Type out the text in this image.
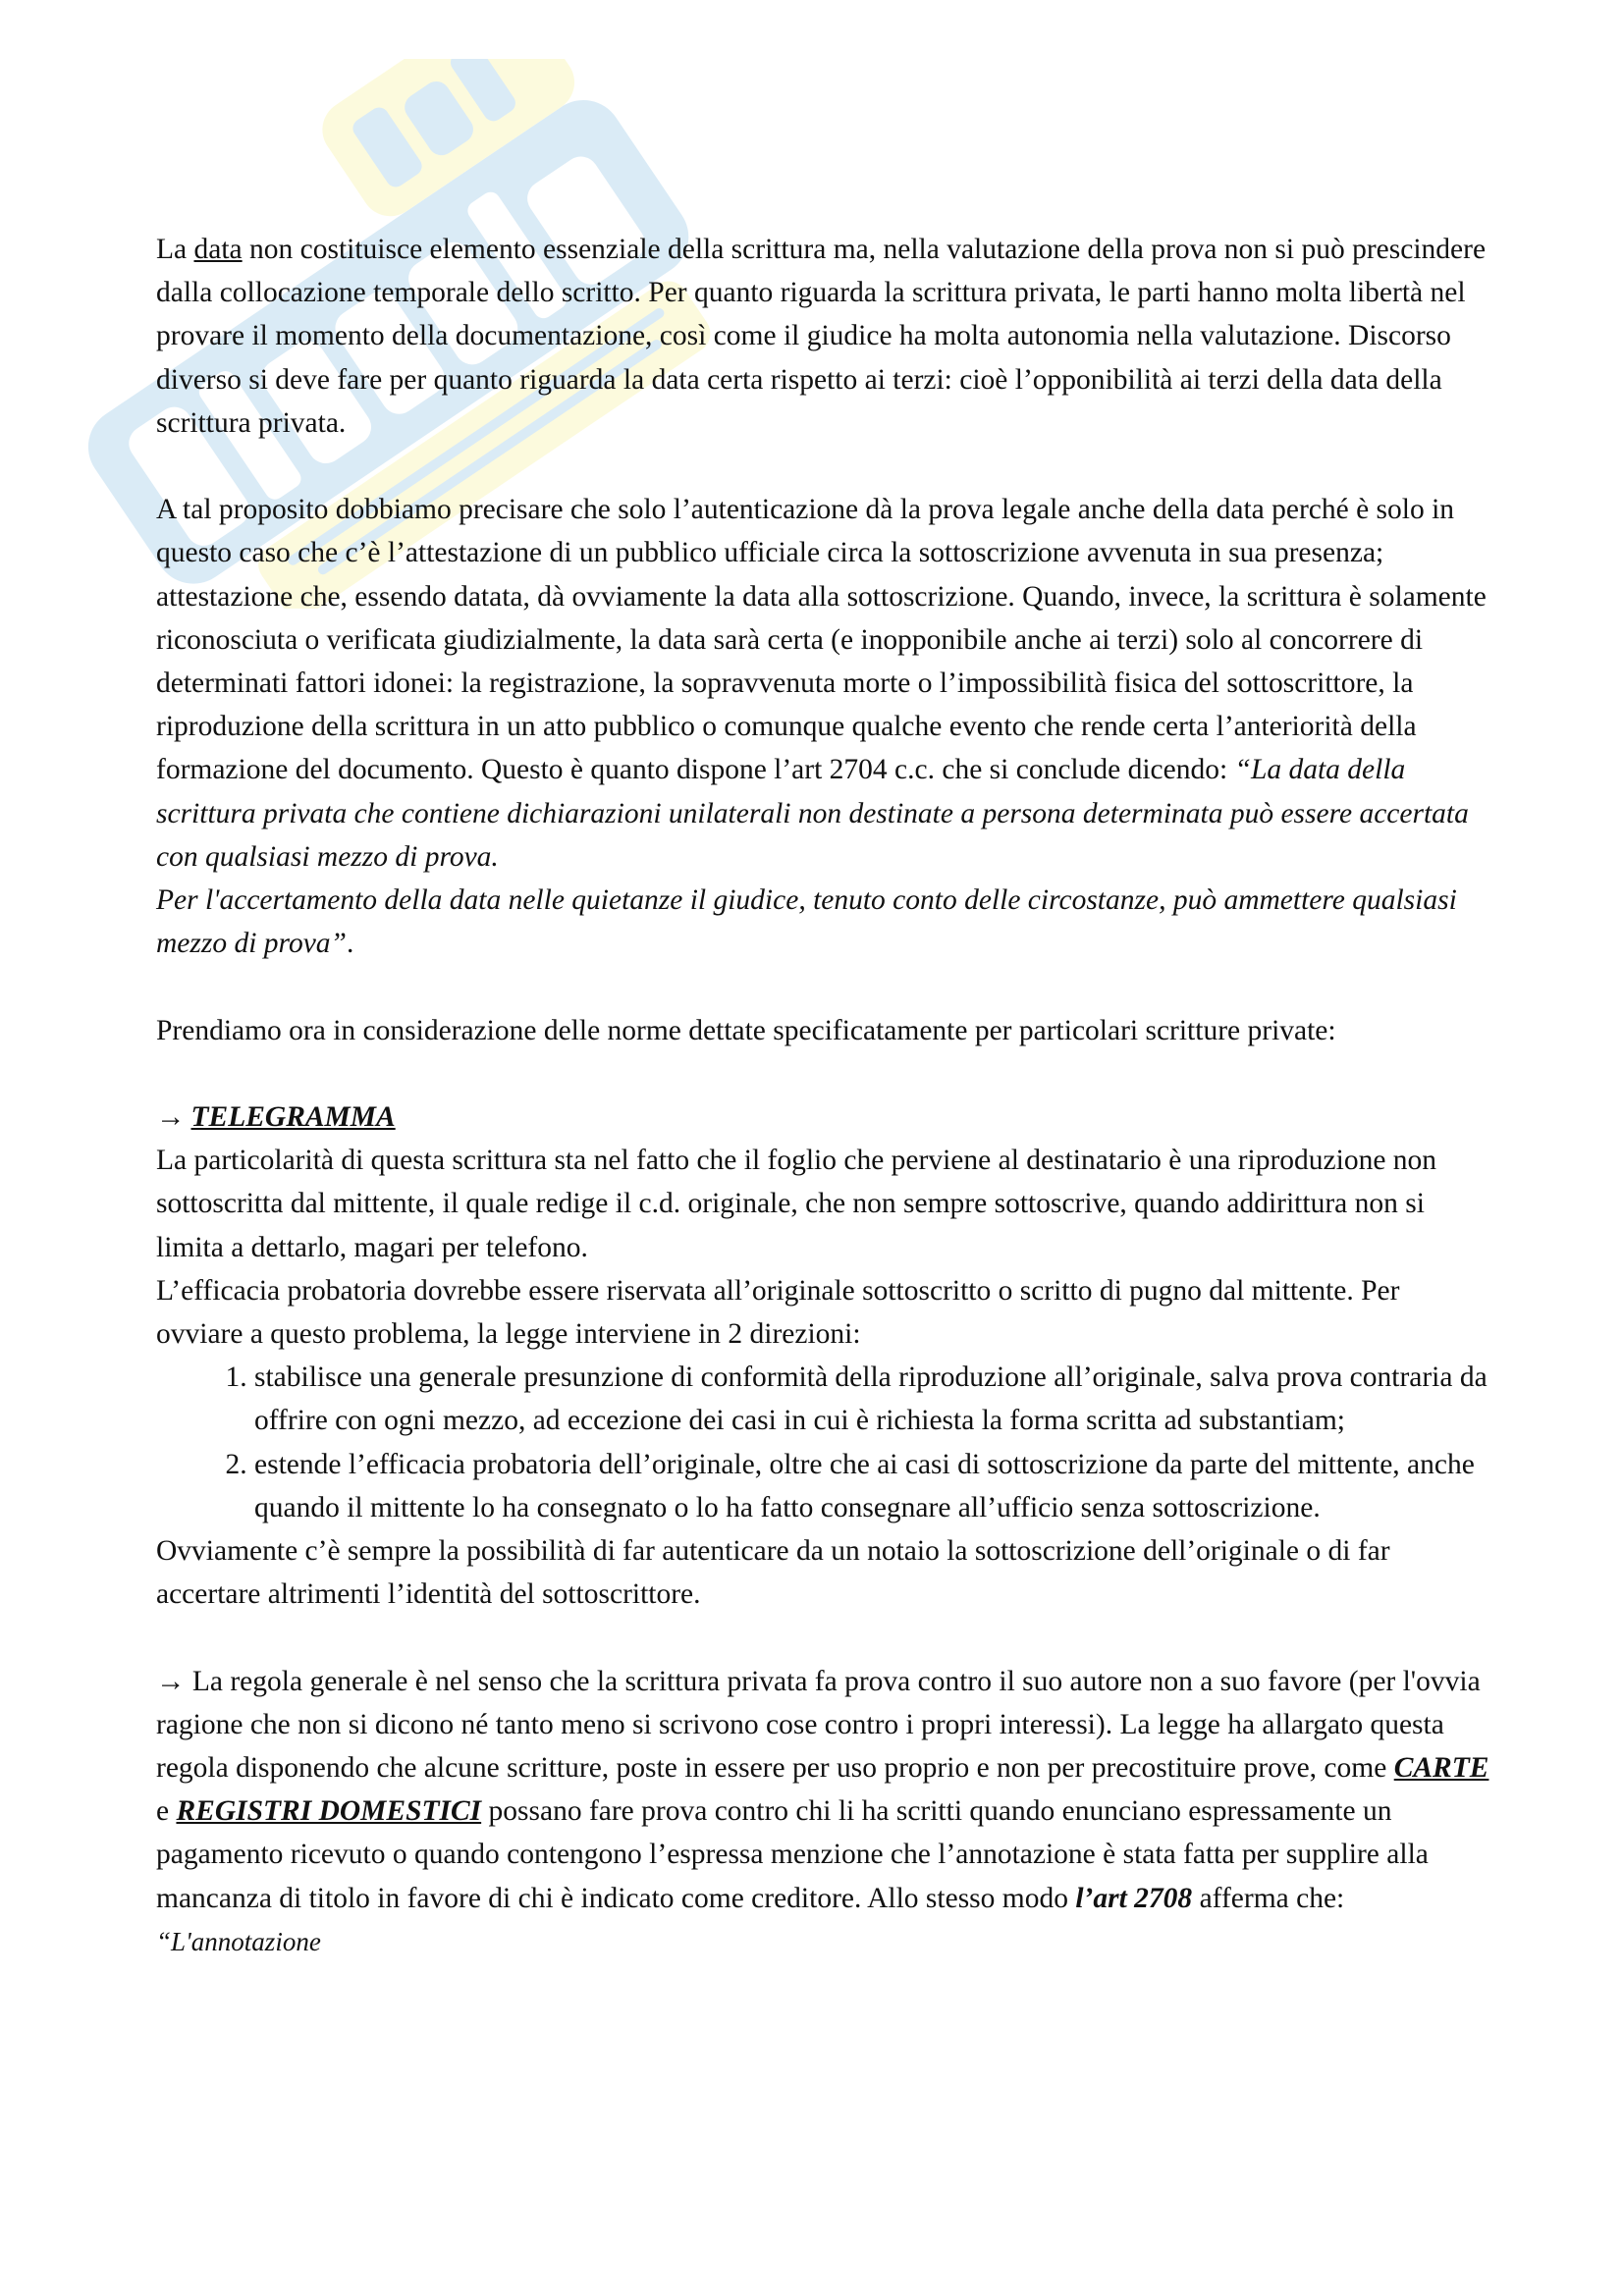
La data non costituisce elemento essenziale della scrittura ma, nella valutazione della prova non si può prescindere dalla collocazione temporale dello scritto. Per quanto riguarda la scrittura privata, le parti hanno molta libertà nel provare il momento della documentazione, così come il giudice ha molta autonomia nella valutazione. Discorso diverso si deve fare per quanto riguarda la data certa rispetto ai terzi: cioè l’opponibilità ai terzi della data della scrittura privata.

A tal proposito dobbiamo precisare che solo l’autenticazione dà la prova legale anche della data perché è solo in questo caso che c’è l’attestazione di un pubblico ufficiale circa la sottoscrizione avvenuta in sua presenza; attestazione che, essendo datata, dà ovviamente la data alla sottoscrizione. Quando, invece, la scrittura è solamente riconosciuta o verificata giudizialmente, la data sarà certa (e inopponibile anche ai terzi) solo al concorrere di determinati fattori idonei: la registrazione, la sopravvenuta morte o l’impossibilità fisica del sottoscrittore, la riproduzione della scrittura in un atto pubblico o comunque qualche evento che rende certa l’anteriorità della formazione del documento. Questo è quanto dispone l’art 2704 c.c. che si conclude dicendo: “La data della scrittura privata che contiene dichiarazioni unilaterali non destinate a persona determinata può essere accertata con qualsiasi mezzo di prova.
Per l'accertamento della data nelle quietanze il giudice, tenuto conto delle circostanze, può ammettere qualsiasi mezzo di prova”.

Prendiamo ora in considerazione delle norme dettate specificatamente per particolari scritture private:

→ TELEGRAMMA

La particolarità di questa scrittura sta nel fatto che il foglio che perviene al destinatario è una riproduzione non sottoscritta dal mittente, il quale redige il c.d. originale, che non sempre sottoscrive, quando addirittura non si limita a dettarlo, magari per telefono.

L’efficacia probatoria dovrebbe essere riservata all’originale sottoscritto o scritto di pugno dal mittente. Per ovviare a questo problema, la legge interviene in 2 direzioni:

1. stabilisce una generale presunzione di conformità della riproduzione all’originale, salva prova contraria da offrire con ogni mezzo, ad eccezione dei casi in cui è richiesta la forma scritta ad substantiam;
2. estende l’efficacia probatoria dell’originale, oltre che ai casi di sottoscrizione da parte del mittente, anche quando il mittente lo ha consegnato o lo ha fatto consegnare all’ufficio senza sottoscrizione.

Ovviamente c’è sempre la possibilità di far autenticare da un notaio la sottoscrizione dell’originale o di far accertare altrimenti l’identità del sottoscrittore.

→ La regola generale è nel senso che la scrittura privata fa prova contro il suo autore non a suo favore (per l'ovvia ragione che non si dicono né tanto meno si scrivono cose contro i propri interessi). La legge ha allargato questa regola disponendo che alcune scritture, poste in essere per uso proprio e non per precostituire prove, come CARTE e REGISTRI DOMESTICI possano fare prova contro chi li ha scritti quando enunciano espressamente un pagamento ricevuto o quando contengono l’espressa menzione che l’annotazione è stata fatta per supplire alla mancanza di titolo in favore di chi è indicato come creditore. Allo stesso modo l’art 2708 afferma che: “L'annotazione
